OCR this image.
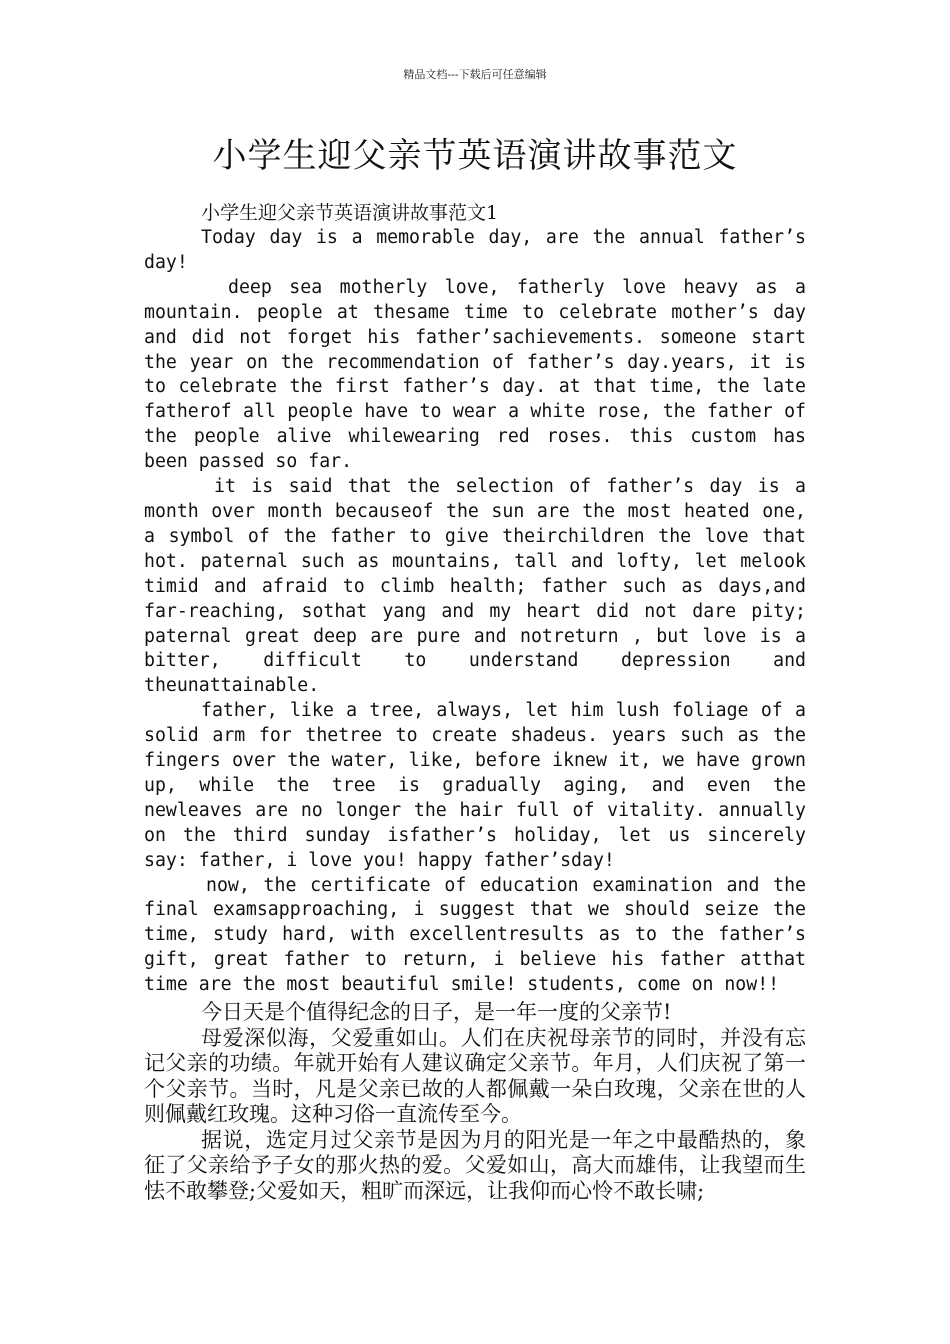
精品文档---下载后可任意编辑
小学生迎父亲节英语演讲故事范文

小学生迎父亲节英语演讲故事范文1

Today day is a memorable day, are the annual father’s day!

deep sea motherly love, fatherly love heavy as a mountain. people at thesame time to celebrate mother’s day and did not forget his father’sachievements. someone start the year on the recommendation of father’s day.years, it is to celebrate the first father’s day. at that time, the late fatherof all people have to wear a white rose, the father of the people alive whilewearing red roses. this custom has been passed so far.

it is said that the selection of father’s day is a month over month becauseof the sun are the most heated one, a symbol of the father to give theirchildren the love that hot. paternal such as mountains, tall and lofty, let melook timid and afraid to climb health; father such as days,and far-reaching, sothat yang and my heart did not dare pity; paternal great deep are pure and notreturn , but love is a bitter, difficult to understand depression and theunattainable.

father, like a tree, always, let him lush foliage of a solid arm for thetree to create shadeus. years such as the fingers over the water, like, before iknew it, we have grown up, while the tree is gradually aging, and even the newleaves are no longer the hair full of vitality. annually on the third sunday isfather’s holiday, let us sincerely say: father, i love you! happy father’sday!

now, the certificate of education examination and the final examsapproaching, i suggest that we should seize the time, study hard, with excellentresults as to the father’s gift, great father to return, i believe his father atthat time are the most beautiful smile! students, come on now!!

今日天是个值得纪念的日子，是一年一度的父亲节!

母爱深似海，父爱重如山。人们在庆祝母亲节的同时，并没有忘记父亲的功绩。年就开始有人建议确定父亲节。年月，人们庆祝了第一个父亲节。当时，凡是父亲已故的人都佩戴一朵白玫瑰，父亲在世的人则佩戴红玫瑰。这种习俗一直流传至今。

据说，选定月过父亲节是因为月的阳光是一年之中最酷热的，象征了父亲给予子女的那火热的爱。父爱如山，高大而雄伟，让我望而生怯不敢攀登;父爱如天，粗旷而深远，让我仰而心怜不敢长啸;
